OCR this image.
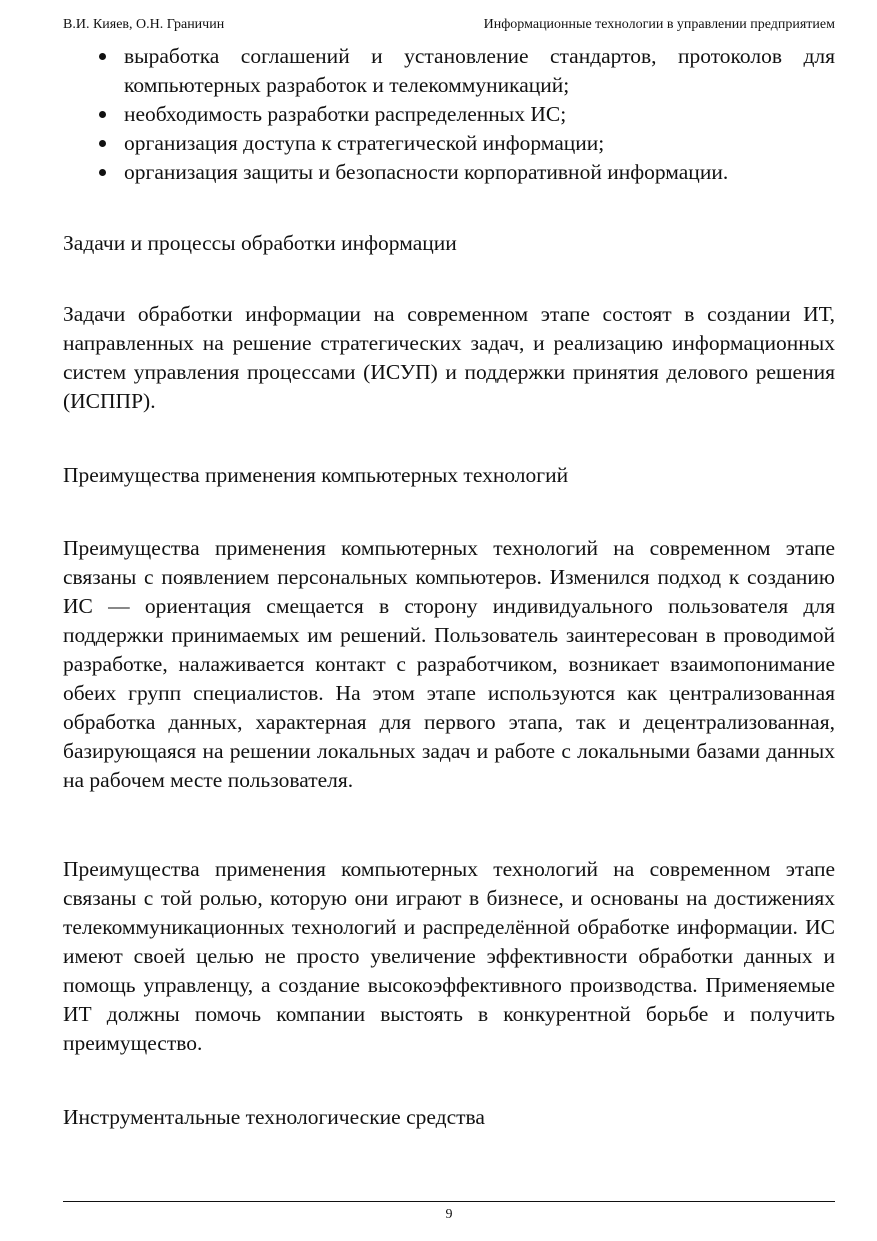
В.И. Кияев, О.Н. Граничин	Информационные технологии в управлении предприятием
выработка соглашений и установление стандартов, протоколов для компьютерных разработок и телекоммуникаций;
необходимость разработки распределенных ИС;
организация доступа к стратегической информации;
организация защиты и безопасности корпоративной информации.
Задачи и процессы обработки информации

Задачи обработки информации на современном этапе состоят в создании ИТ, направленных на решение стратегических задач, и реализацию информационных систем управления процессами (ИСУП) и поддержки принятия делового решения (ИСППР).

Преимущества применения компьютерных технологий

Преимущества применения компьютерных технологий на современном этапе связаны с появлением персональных компьютеров. Изменился подход к созданию ИС — ориентация смещается в сторону индивидуального пользователя для поддержки принимаемых им решений. Пользователь заинтересован в проводимой разработке, налаживается контакт с разработчиком, возникает взаимопонимание обеих групп специалистов. На этом этапе используются как централизованная обработка данных, характерная для первого этапа, так и децентрализованная, базирующаяся на решении локальных задач и работе с локальными базами данных на рабочем месте пользователя.

Преимущества применения компьютерных технологий на современном этапе связаны с той ролью, которую они играют в бизнесе, и основаны на достижениях телекоммуникационных технологий и распределённой обработке информации. ИС имеют своей целью не просто увеличение эффективности обработки данных и помощь управленцу, а создание высокоэффективного производства. Применяемые ИТ должны помочь компании выстоять в конкурентной борьбе и получить преимущество.

Инструментальные технологические средства
9
